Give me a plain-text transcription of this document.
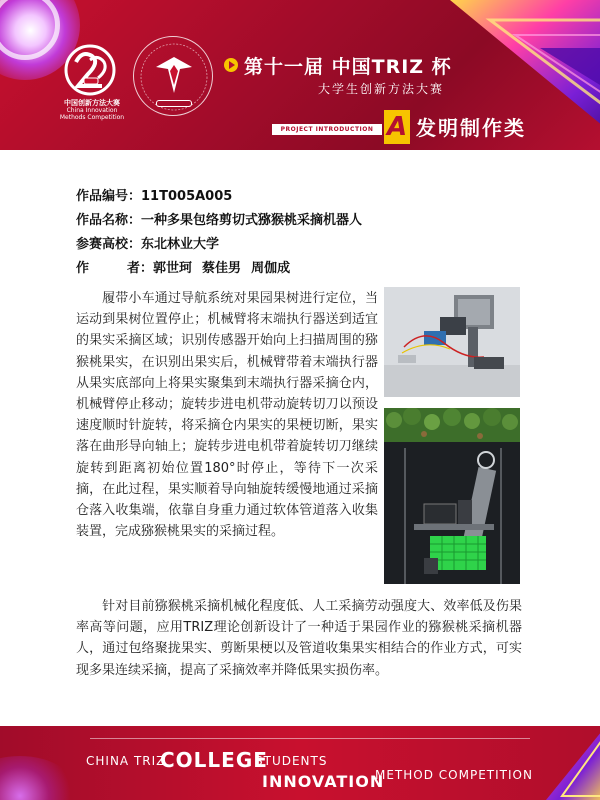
中国创新方法大赛
China Innovation
Methods Competition
第十一届 中国TRIZ 杯
大学生创新方法大赛
PROJECT INTRODUCTION A 发明制作类
作品编号：11T005A005
作品名称：一种多果包络剪切式猕猴桃采摘机器人
参赛高校：东北林业大学
作	者：郭世珂 蔡佳男 周伽成
履带小车通过导航系统对果园果树进行定位，当运动到果树位置停止；机械臂将末端执行器送到适宜的果实采摘区域；识别传感器开始向上扫描周围的猕猴桃果实，在识别出果实后，机械臂带着末端执行器从果实底部向上将果实聚集到末端执行器采摘仓内，机械臂停止移动；旋转步进电机带动旋转切刀以预设速度顺时针旋转，将采摘仓内果实的果梗切断，果实落在曲形导向轴上；旋转步进电机带着旋转切刀继续旋转到距离初始位置180°时停止，等待下一次采摘，在此过程，果实顺着导向轴旋转缓慢地通过采摘仓落入收集端，依靠自身重力通过软体管道落入收集装置，完成猕猴桃果实的采摘过程。
针对目前猕猴桃采摘机械化程度低、人工采摘劳动强度大、效率低及伤果率高等问题，应用TRIZ理论创新设计了一种适于果园作业的猕猴桃采摘机器人，通过包络聚拢果实、剪断果梗以及管道收集果实相结合的作业方式，可实现多果连续采摘，提高了采摘效率并降低果实损伤率。
CHINA TRIZ
COLLEGE
STUDENTS
INNOVATION
METHOD COMPETITION
